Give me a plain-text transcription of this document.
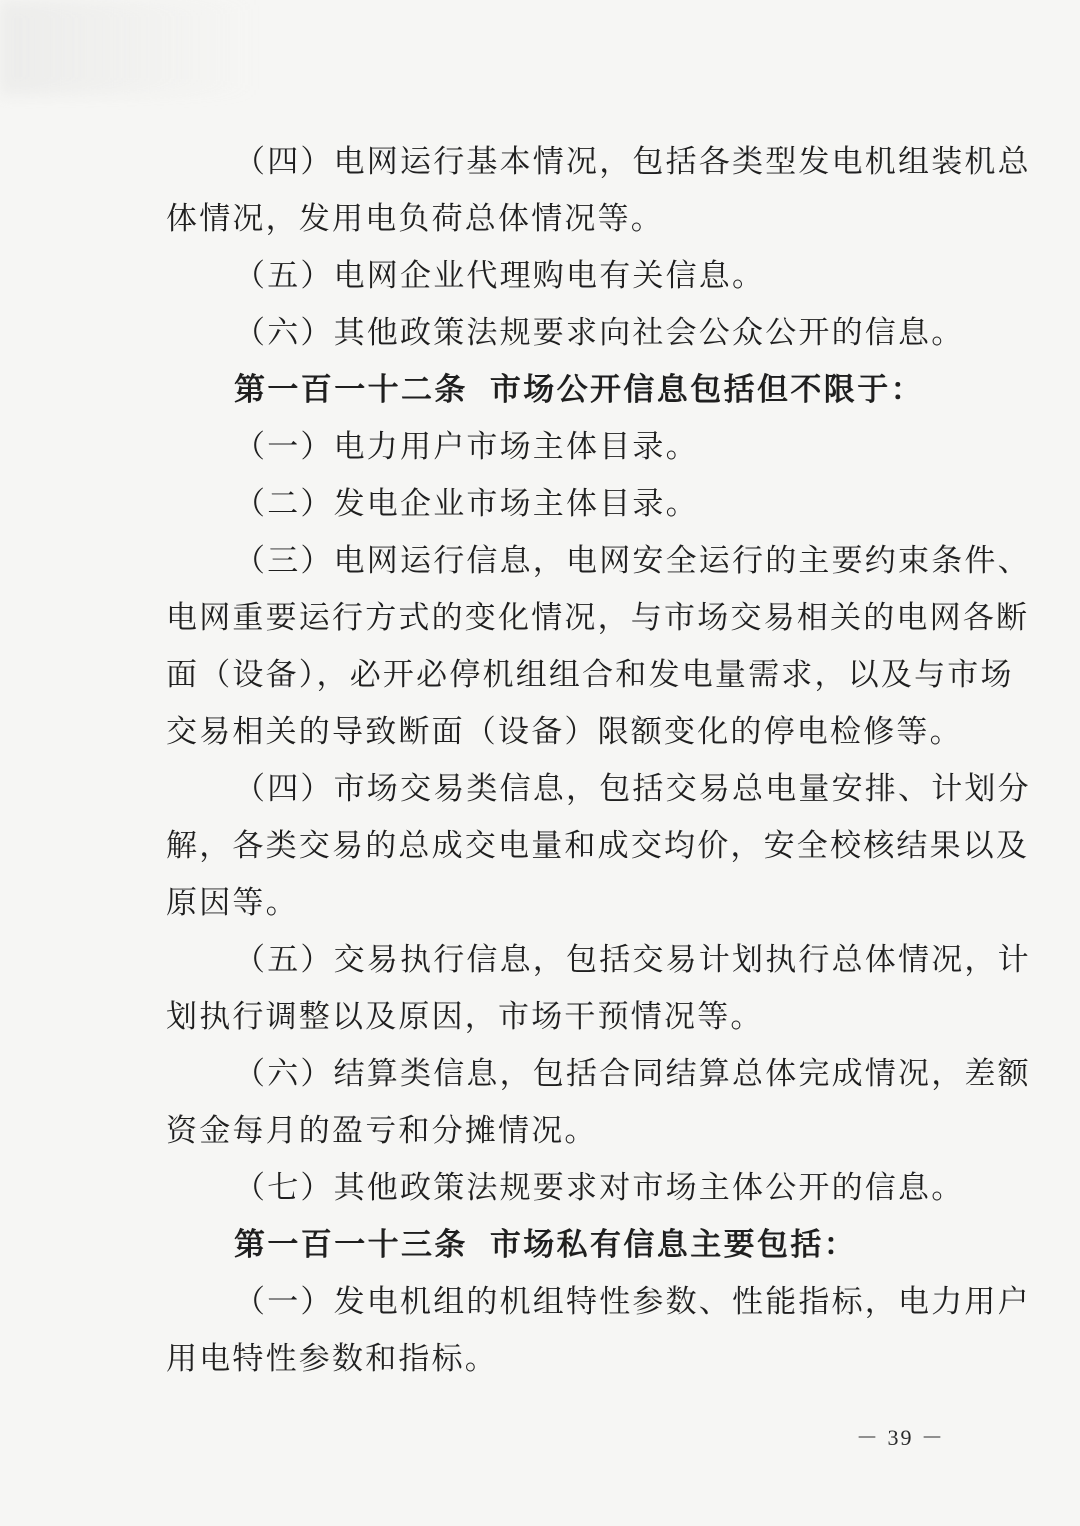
（四）电网运行基本情况，包括各类型发电机组装机总
体情况，发用电负荷总体情况等。
（五）电网企业代理购电有关信息。
（六）其他政策法规要求向社会公众公开的信息。
第一百一十二条 市场公开信息包括但不限于：
（一）电力用户市场主体目录。
（二）发电企业市场主体目录。
（三）电网运行信息，电网安全运行的主要约束条件、
电网重要运行方式的变化情况，与市场交易相关的电网各断
面（设备），必开必停机组组合和发电量需求，以及与市场
交易相关的导致断面（设备）限额变化的停电检修等。
（四）市场交易类信息，包括交易总电量安排、计划分
解，各类交易的总成交电量和成交均价，安全校核结果以及
原因等。
（五）交易执行信息，包括交易计划执行总体情况，计
划执行调整以及原因，市场干预情况等。
（六）结算类信息，包括合同结算总体完成情况，差额
资金每月的盈亏和分摊情况。
（七）其他政策法规要求对市场主体公开的信息。
第一百一十三条 市场私有信息主要包括：
（一）发电机组的机组特性参数、性能指标，电力用户
用电特性参数和指标。
－ 39 －
